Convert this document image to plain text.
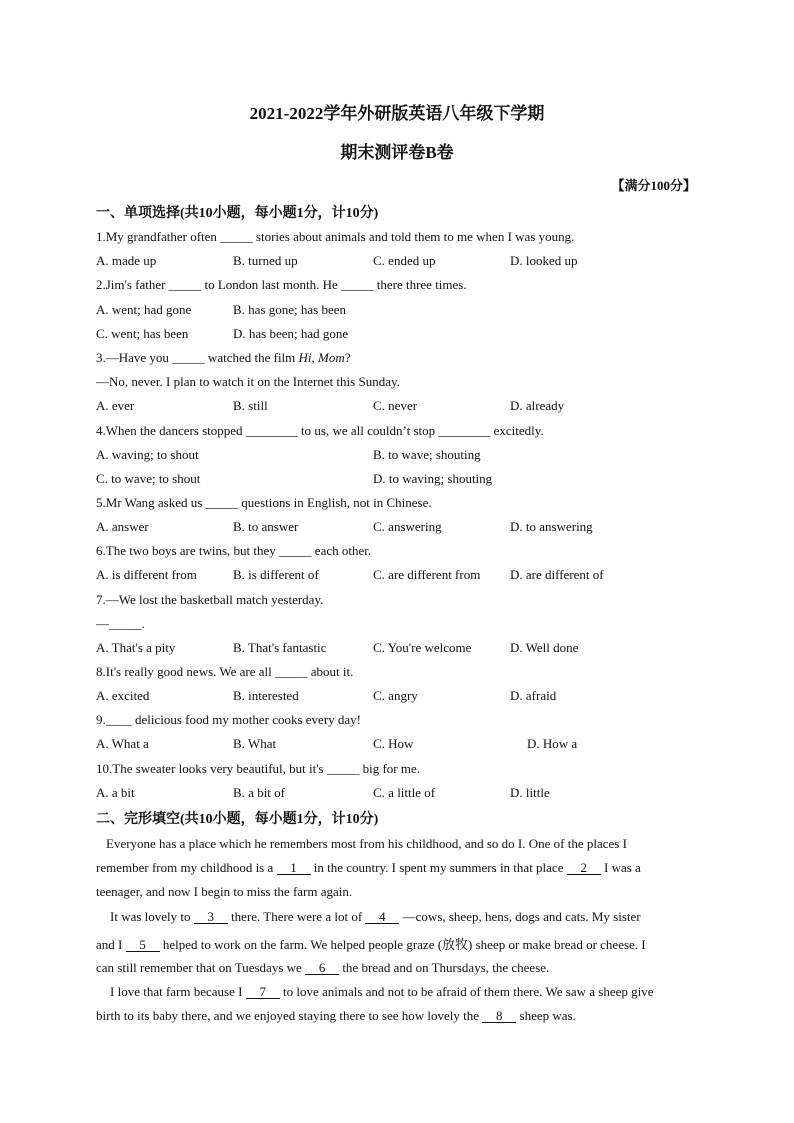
2021-2022学年外研版英语八年级下学期
期末测评卷B卷
【满分100分】
一、单项选择(共10小题，每小题1分，计10分)
1.My grandfather often _____ stories about animals and told them to me when I was young.
A. made up	B. turned up	C. ended up	D. looked up
2.Jim's father _____ to London last month. He _____ there three times.
A. went; had gone	B. has gone; has been
C. went; has been	D. has been; had gone
3.—Have you _____ watched the film Hi, Mom?
—No, never. I plan to watch it on the Internet this Sunday.
A. ever	B. still	C. never	D. already
4.When the dancers stopped ________ to us, we all couldn’t stop ________ excitedly.
A. waving; to shout	B. to wave; shouting
C. to wave; to shout	D. to waving; shouting
5.Mr Wang asked us _____ questions in English, not in Chinese.
A. answer	B. to answer	C. answering	D. to answering
6.The two boys are twins, but they _____ each other.
A. is different from	B. is different of	C. are different from D. are different of
7.—We lost the basketball match yesterday.
—_____.
A. That's a pity	B. That's fantastic	C. You're welcome	D. Well done
8.It's really good news. We are all _____ about it.
A. excited	B. interested	C. angry	D. afraid
9.____ delicious food my mother cooks every day!
A. What a	B. What	C. How	D. How a
10.The sweater looks very beautiful, but it's _____ big for me.
A. a bit	B. a bit of	C. a little of	D. little
二、完形填空(共10小题，每小题1分，计10分)
Everyone has a place which he remembers most from his childhood, and so do I. One of the places I
remember from my childhood is a 1 in the country. I spent my summers in that place 2 I was a
teenager, and now I begin to miss the farm again.
It was lovely to 3 there. There were a lot of 4 —cows, sheep, hens, dogs and cats. My sister
and I 5 helped to work on the farm. We helped people graze (放牧) sheep or make bread or cheese. I
can still remember that on Tuesdays we 6 the bread and on Thursdays, the cheese.
I love that farm because I 7 to love animals and not to be afraid of them there. We saw a sheep give
birth to its baby there, and we enjoyed staying there to see how lovely the 8 sheep was.
